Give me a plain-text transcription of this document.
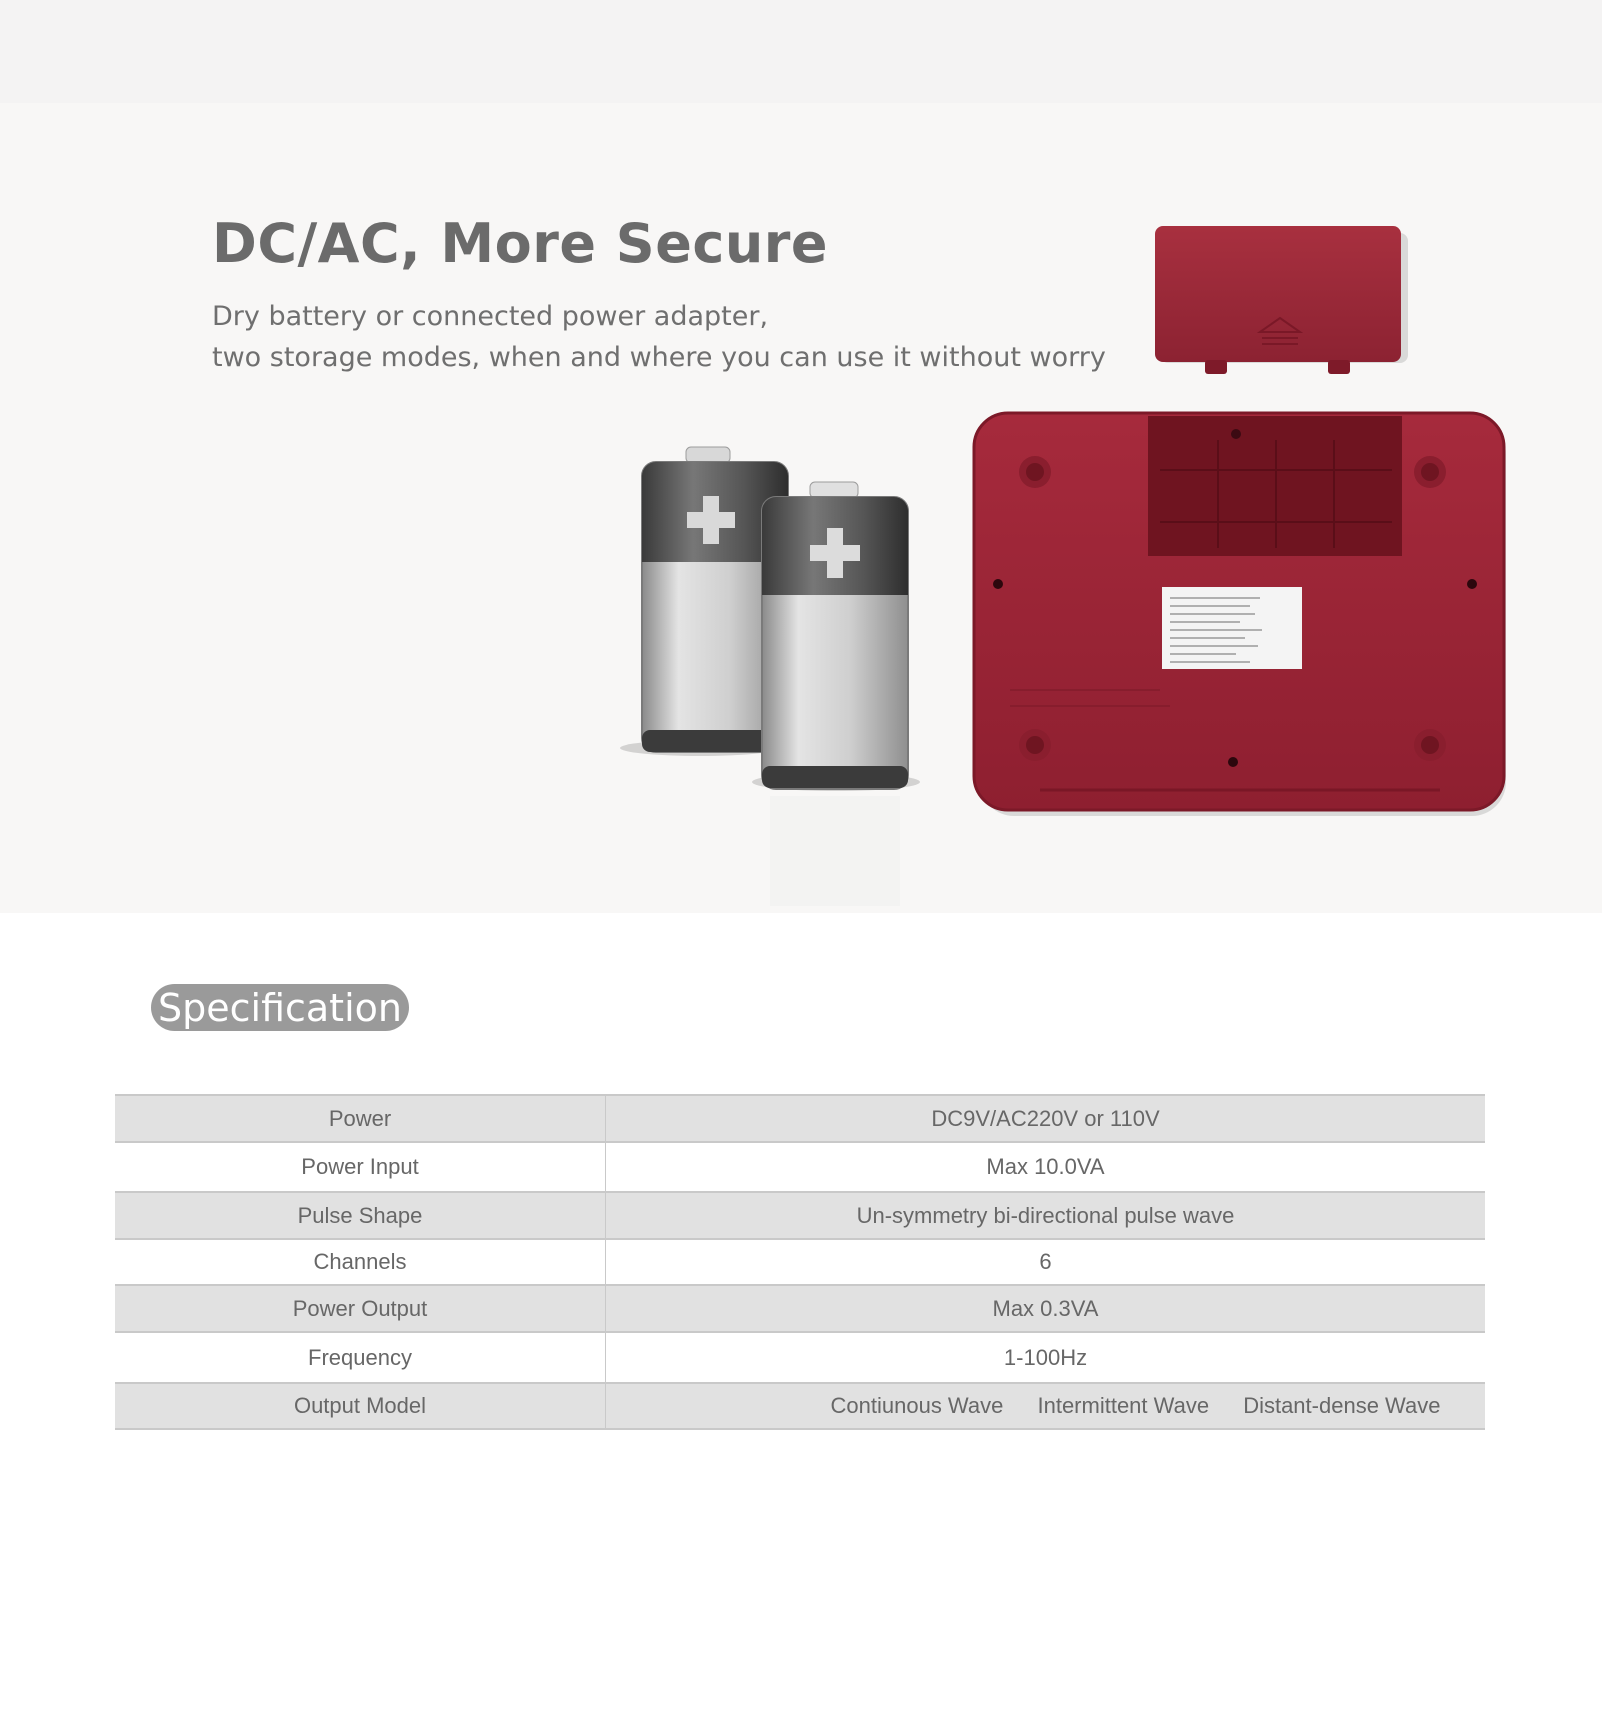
DC/AC, More Secure

Dry battery or connected power adapter,
two storage modes, when and where you can use it without worry

Specification
Power	DC9V/AC220V or 110V
Power Input	Max 10.0VA
Pulse Shape	Un-symmetry bi-directional pulse wave
Channels	6
Power Output	Max 0.3VA
Frequency	1-100Hz
Output Model	Contiunous Wave Intermittent Wave Distant-dense Wave
